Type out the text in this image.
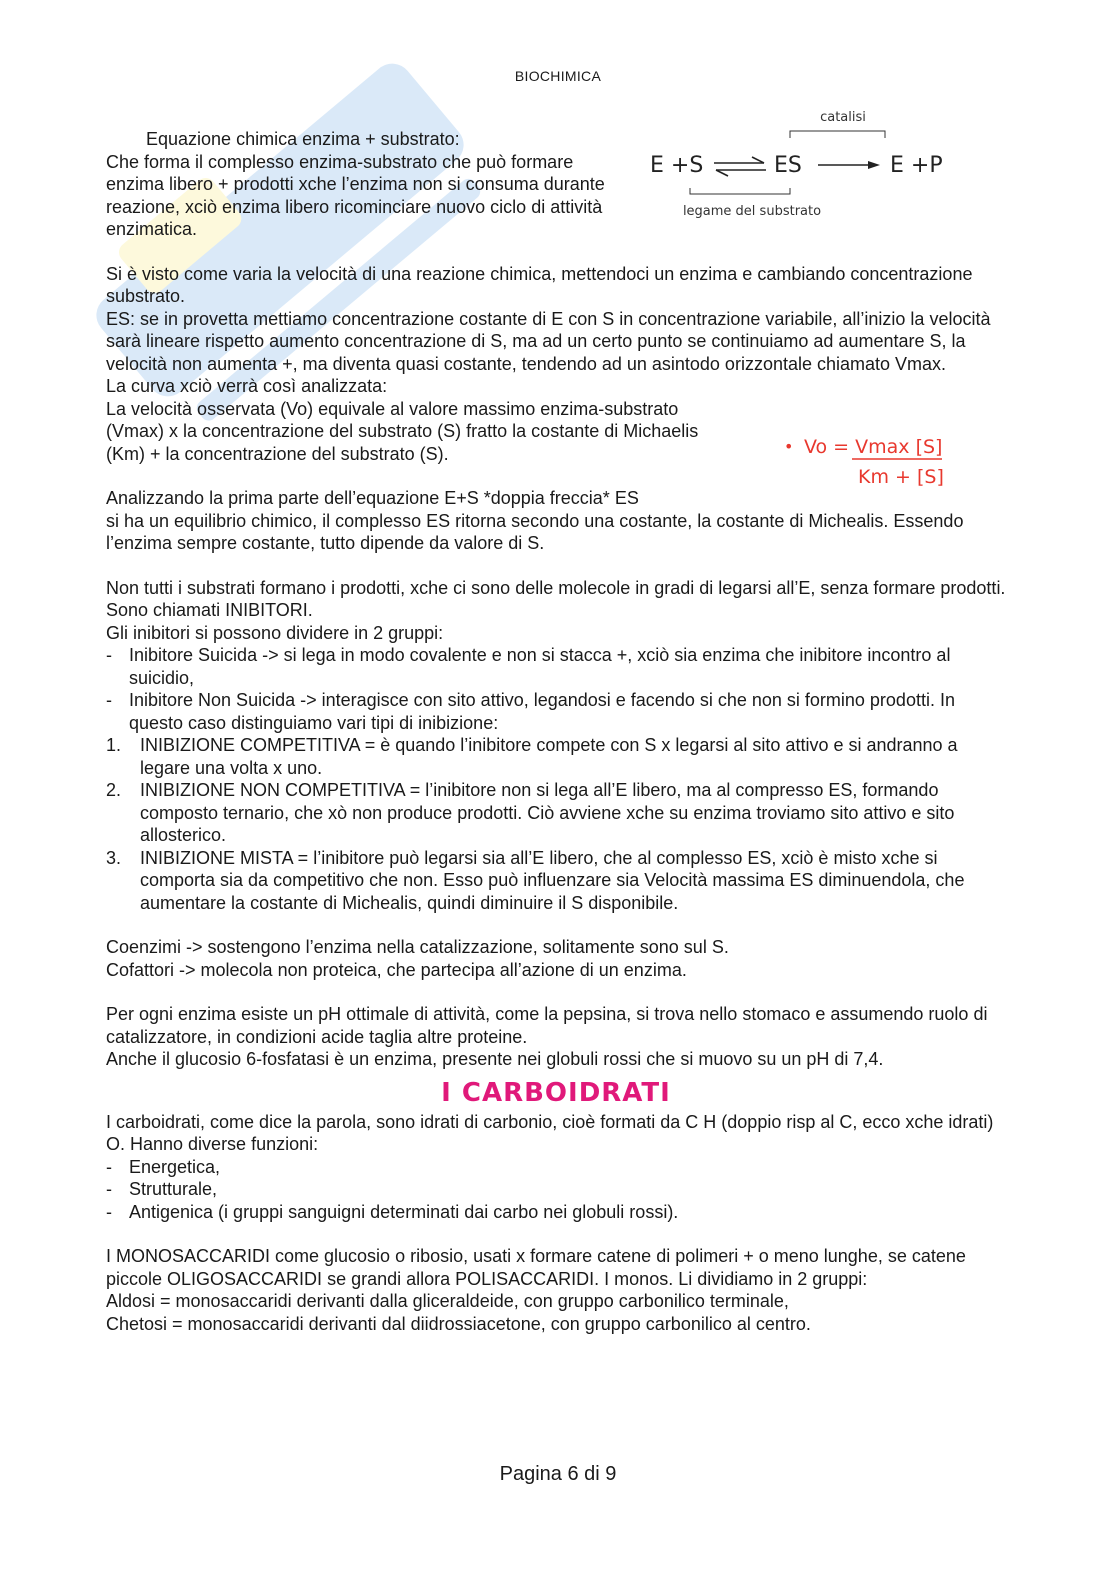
BIOCHIMICA
catalisi
E +S	ES	E +P
legame del substrato
• Vo = Vmax [S]
Km + [S]

Equazione chimica enzima + substrato:

Che forma il complesso enzima-substrato che può formare enzima libero + prodotti xche l’enzima non si consuma durante reazione, xciò enzima libero ricominciare nuovo ciclo di attività enzimatica.

Si è visto come varia la velocità di una reazione chimica, mettendoci un enzima e cambiando concentrazione substrato.

ES: se in provetta mettiamo concentrazione costante di E con S in concentrazione variabile, all’inizio la velocità sarà lineare rispetto aumento concentrazione di S, ma ad un certo punto se continuiamo ad aumentare S, la velocità non aumenta +, ma diventa quasi costante, tendendo ad un asintodo orizzontale chiamato Vmax.

La curva xciò verrà così analizzata:

La velocità osservata (Vo) equivale al valore massimo enzima-substrato (Vmax) x la concentrazione del substrato (S) fratto la costante di Michaelis (Km) + la concentrazione del substrato (S).

Analizzando la prima parte dell’equazione E+S *doppia freccia* ES

si ha un equilibrio chimico, il complesso ES ritorna secondo una costante, la costante di Michealis. Essendo l’enzima sempre costante, tutto dipende da valore di S.

Non tutti i substrati formano i prodotti, xche ci sono delle molecole in gradi di legarsi all’E, senza formare prodotti. Sono chiamati INIBITORI.

Gli inibitori si possono dividere in 2 gruppi:

- Inibitore Suicida -> si lega in modo covalente e non si stacca +, xciò sia enzima che inibitore incontro al suicidio,
- Inibitore Non Suicida -> interagisce con sito attivo, legandosi e facendo si che non si formino prodotti. In questo caso distinguiamo vari tipi di inibizione:
1. INIBIZIONE COMPETITIVA = è quando l’inibitore compete con S x legarsi al sito attivo e si andranno a legare una volta x uno.
2. INIBIZIONE NON COMPETITIVA = l’inibitore non si lega all’E libero, ma al compresso ES, formando composto ternario, che xò non produce prodotti. Ciò avviene xche su enzima troviamo sito attivo e sito allosterico.
3. INIBIZIONE MISTA = l’inibitore può legarsi sia all’E libero, che al complesso ES, xciò è misto xche si comporta sia da competitivo che non. Esso può influenzare sia Velocità massima ES diminuendola, che aumentare la costante di Michealis, quindi diminuire il S disponibile.

Coenzimi -> sostengono l’enzima nella catalizzazione, solitamente sono sul S.

Cofattori -> molecola non proteica, che partecipa all’azione di un enzima.

Per ogni enzima esiste un pH ottimale di attività, come la pepsina, si trova nello stomaco e assumendo ruolo di catalizzatore, in condizioni acide taglia altre proteine.

Anche il glucosio 6-fosfatasi è un enzima, presente nei globuli rossi che si muovo su un pH di 7,4.

I CARBOIDRATI

I carboidrati, come dice la parola, sono idrati di carbonio, cioè formati da C H (doppio risp al C, ecco xche idrati) O. Hanno diverse funzioni:

- Energetica,
- Strutturale,
- Antigenica (i gruppi sanguigni determinati dai carbo nei globuli rossi).

I MONOSACCARIDI come glucosio o ribosio, usati x formare catene di polimeri + o meno lunghe, se catene piccole OLIGOSACCARIDI se grandi allora POLISACCARIDI. I monos. Li dividiamo in 2 gruppi:

Aldosi = monosaccaridi derivanti dalla gliceraldeide, con gruppo carbonilico terminale,

Chetosi = monosaccaridi derivanti dal diidrossiacetone, con gruppo carbonilico al centro.

Pagina 6 di 9
